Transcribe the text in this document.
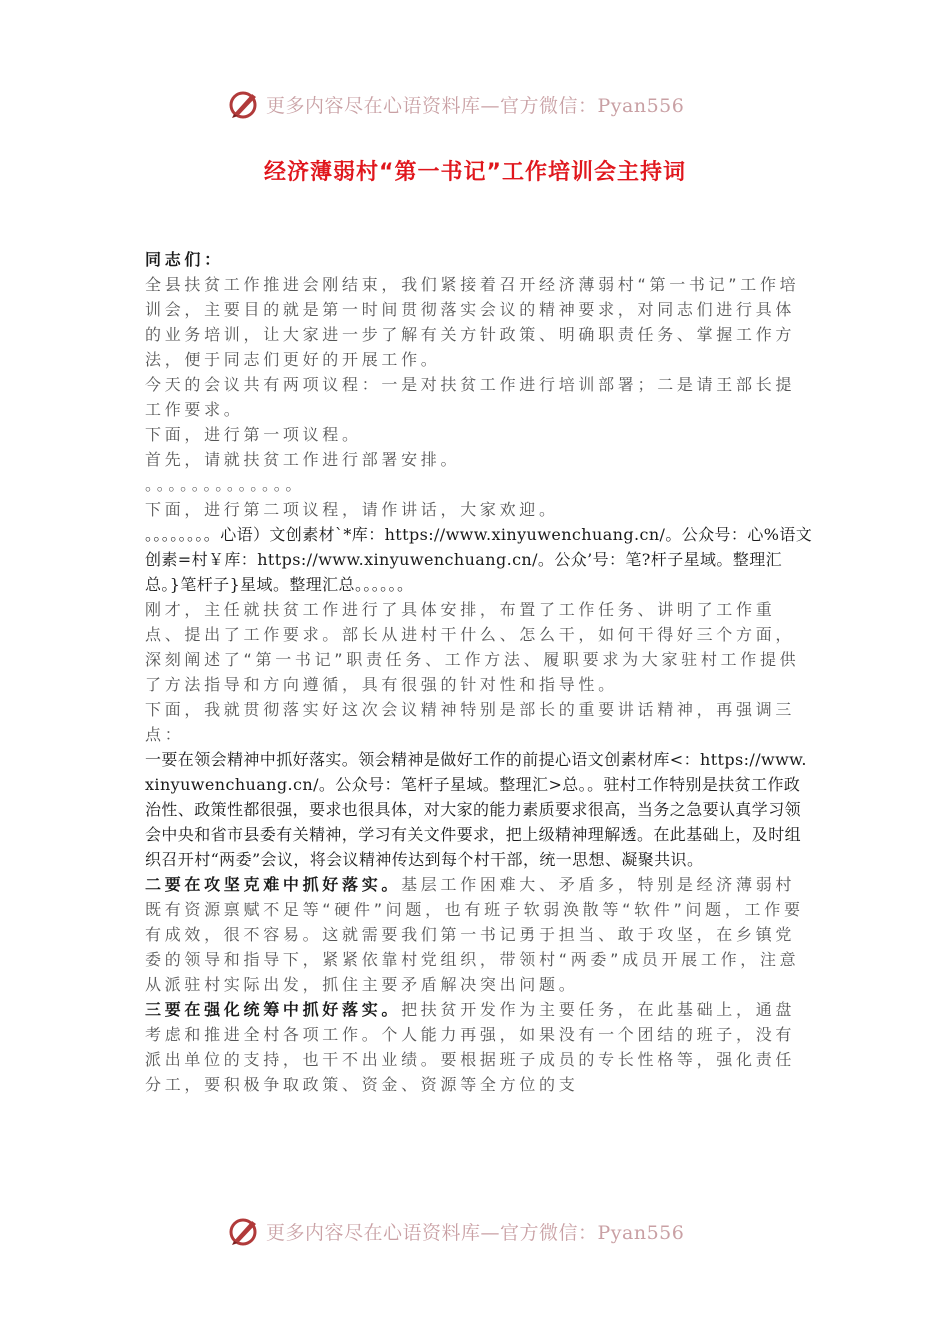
更多内容尽在心语资料库—官方微信：Pyan556
经济薄弱村“第一书记”工作培训会主持词

同志们：

全县扶贫工作推进会刚结束，我们紧接着召开经济薄弱村“第一书记”工作培训会，主要目的就是第一时间贯彻落实会议的精神要求，对同志们进行具体的业务培训，让大家进一步了解有关方针政策、明确职责任务、掌握工作方法，便于同志们更好的开展工作。

今天的会议共有两项议程：一是对扶贫工作进行培训部署；二是请王部长提工作要求。

下面，进行第一项议程。

首先，请就扶贫工作进行部署安排。

。。。。。。。。。。。。。

下面，进行第二项议程，请作讲话，大家欢迎。

。。。。。。。。心语）文创素材`*库：https://www.xinyuwenchuang.cn/。公众号：心%语文创素=村￥库：https://www.xinyuwenchuang.cn/。公众’号：笔?杆子星域。整理汇总。}笔杆子}星域。整理汇总。。。。。。

刚才，主任就扶贫工作进行了具体安排，布置了工作任务、讲明了工作重点、提出了工作要求。部长从进村干什么、怎么干，如何干得好三个方面，深刻阐述了“第一书记”职责任务、工作方法、履职要求为大家驻村工作提供了方法指导和方向遵循，具有很强的针对性和指导性。

下面，我就贯彻落实好这次会议精神特别是部长的重要讲话精神，再强调三点：

一要在领会精神中抓好落实。领会精神是做好工作的前提心语文创素材库<：https://www.xinyuwenchuang.cn/。公众号：笔杆子星域。整理汇>总。。驻村工作特别是扶贫工作政治性、政策性都很强，要求也很具体，对大家的能力素质要求很高，当务之急要认真学习领会中央和省市县委有关精神，学习有关文件要求，把上级精神理解透。在此基础上，及时组织召开村“两委”会议，将会议精神传达到每个村干部，统一思想、凝聚共识。

二要在攻坚克难中抓好落实。基层工作困难大、矛盾多，特别是经济薄弱村既有资源禀赋不足等“硬件”问题，也有班子软弱涣散等“软件”问题，工作要有成效，很不容易。这就需要我们第一书记勇于担当、敢于攻坚，在乡镇党委的领导和指导下，紧紧依靠村党组织，带领村“两委”成员开展工作，注意从派驻村实际出发，抓住主要矛盾解决突出问题。

三要在强化统筹中抓好落实。把扶贫开发作为主要任务，在此基础上，通盘考虑和推进全村各项工作。个人能力再强，如果没有一个团结的班子，没有派出单位的支持，也干不出业绩。要根据班子成员的专长性格等，强化责任分工，要积极争取政策、资金、资源等全方位的支

更多内容尽在心语资料库—官方微信：Pyan556
